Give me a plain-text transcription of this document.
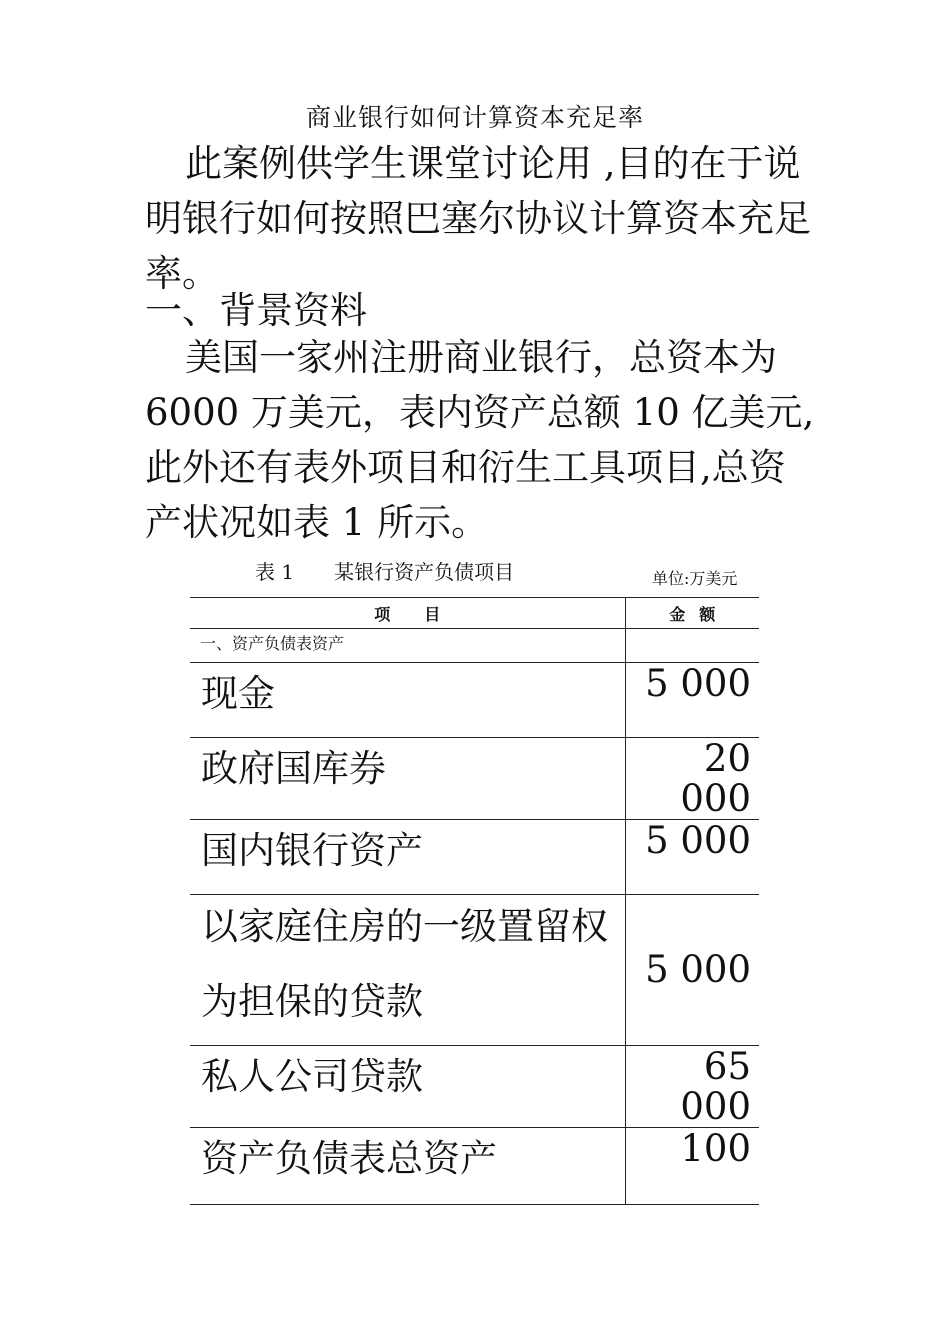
商业银行如何计算资本充足率

此案例供学生课堂讨论用 ,目的在于说明银行如何按照巴塞尔协议计算资本充足率。

一、背景资料

美国一家州注册商业银行，总资本为6000 万美元，表内资产总额 10 亿美元,此外还有表外项目和衍生工具项目,总资产状况如表 1 所示。

表 1 某银行资产负债项目	单位:万美元
项目	金额
一、资产负债表资产	

现金	5 000

政府国库券	20 000

国内银行资产	5 000

以家庭住房的一级置留权为担保的贷款	5 000

私人公司贷款	65 000

资产负债表总资产	100
